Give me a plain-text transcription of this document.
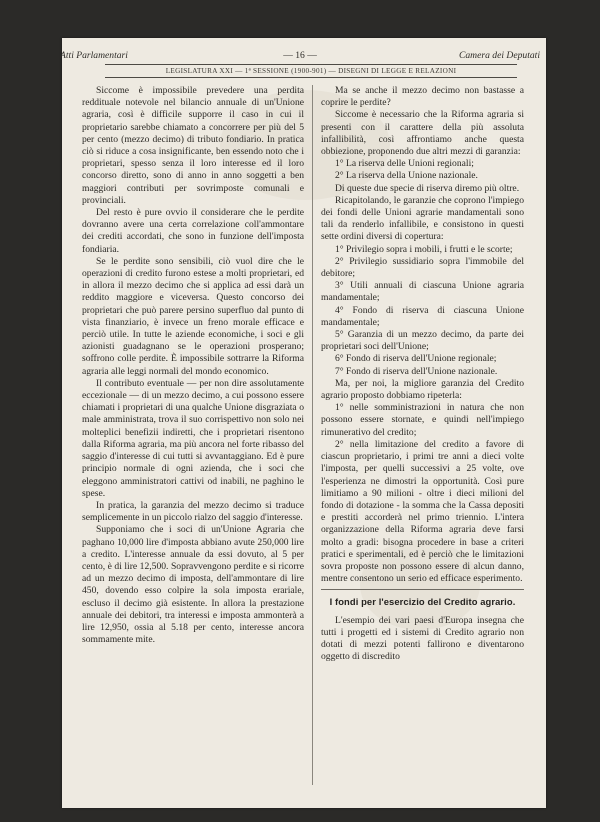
Atti Parlamentari	— 16 —	Camera dei Deputati
LEGISLATURA XXI — 1ª SESSIONE (1900-901) — DISEGNI DI LEGGE E RELAZIONI

Siccome è impossibile prevedere una perdita reddituale notevole nel bilancio annuale di un'Unione agraria, così è difficile supporre il caso in cui il proprietario sarebbe chiamato a concorrere per più del 5 per cento (mezzo decimo) di tributo fondiario. In pratica ciò si riduce a cosa insignificante, ben essendo noto che i proprietari, spesso senza il loro interesse ed il loro concorso diretto, sono di anno in anno soggetti a ben maggiori contributi per sovrimposte comunali e provinciali.

Del resto è pure ovvio il considerare che le perdite dovranno avere una certa correlazione coll'ammontare dei crediti accordati, che sono in funzione dell'imposta fondiaria.

Se le perdite sono sensibili, ciò vuol dire che le operazioni di credito furono estese a molti proprietari, ed in allora il mezzo decimo che si applica ad essi darà un reddito maggiore e viceversa. Questo concorso dei proprietari che può parere persino superfluo dal punto di vista finanziario, è invece un freno morale efficace e perciò utile. In tutte le aziende economiche, i soci e gli azionisti guadagnano se le operazioni prosperano; soffrono colle perdite. È impossibile sottrarre la Riforma agraria alle leggi normali del mondo economico.

Il contributo eventuale — per non dire assolutamente eccezionale — di un mezzo decimo, a cui possono essere chiamati i proprietari di una qualche Unione disgraziata o male amministrata, trova il suo corrispettivo non solo nei molteplici benefizii indiretti, che i proprietari risentono dalla Riforma agraria, ma più ancora nel forte ribasso del saggio d'interesse di cui tutti si avvantaggiano. Ed è pure principio normale di ogni azienda, che i soci che eleggono amministratori cattivi od inabili, ne paghino le spese.

In pratica, la garanzia del mezzo decimo si traduce semplicemente in un piccolo rialzo del saggio d'interesse.

Supponiamo che i soci di un'Unione Agraria che paghano 10,000 lire d'imposta abbiano avute 250,000 lire a credito. L'interesse annuale da essi dovuto, al 5 per cento, è di lire 12,500. Sopravvengono perdite e si ricorre ad un mezzo decimo di imposta, dell'ammontare di lire 450, dovendo esso colpire la sola imposta erariale, escluso il decimo già esistente. In allora la prestazione annuale dei debitori, tra interessi e imposta ammonterà a lire 12,950, ossia al 5.18 per cento, interesse ancora sommamente mite.

Ma se anche il mezzo decimo non bastasse a coprire le perdite?

Siccome è necessario che la Riforma agraria si presenti con il carattere della più assoluta infallibilità, così affrontiamo anche questa obbiezione, proponendo due altri mezzi di garanzia:

1° La riserva delle Unioni regionali;

2° La riserva della Unione nazionale.

Di queste due specie di riserva diremo più oltre.

Ricapitolando, le garanzie che coprono l'impiego dei fondi delle Unioni agrarie mandamentali sono tali da renderlo infallibile, e consistono in questi sette ordini diversi di copertura:

1° Privilegio sopra i mobili, i frutti e le scorte;

2° Privilegio sussidiario sopra l'immobile del debitore;

3° Utili annuali di ciascuna Unione agraria mandamentale;

4° Fondo di riserva di ciascuna Unione mandamentale;

5° Garanzia di un mezzo decimo, da parte dei proprietari soci dell'Unione;

6° Fondo di riserva dell'Unione regionale;

7° Fondo di riserva dell'Unione nazionale.

Ma, per noi, la migliore garanzia del Credito agrario proposto dobbiamo ripeterla:

1° nelle somministrazioni in natura che non possono essere stornate, e quindi nell'impiego rimunerativo del credito;

2° nella limitazione del credito a favore di ciascun proprietario, i primi tre anni a dieci volte l'imposta, per quelli successivi a 25 volte, ove l'esperienza ne dimostri la opportunità. Così pure limitiamo a 90 milioni - oltre i dieci milioni del fondo di dotazione - la somma che la Cassa depositi e prestiti accorderà nel primo triennio. L'intera organizzazione della Riforma agraria deve farsi molto a gradi: bisogna procedere in base a criteri pratici e sperimentali, ed è perciò che le limitazioni sovra proposte non possono essere di alcun danno, mentre consentono un serio ed efficace esperimento.

I fondi per l'esercizio del Credito agrario.

L'esempio dei vari paesi d'Europa insegna che tutti i progetti ed i sistemi di Credito agrario non dotati di mezzi potenti fallirono e diventarono oggetto di discredito
